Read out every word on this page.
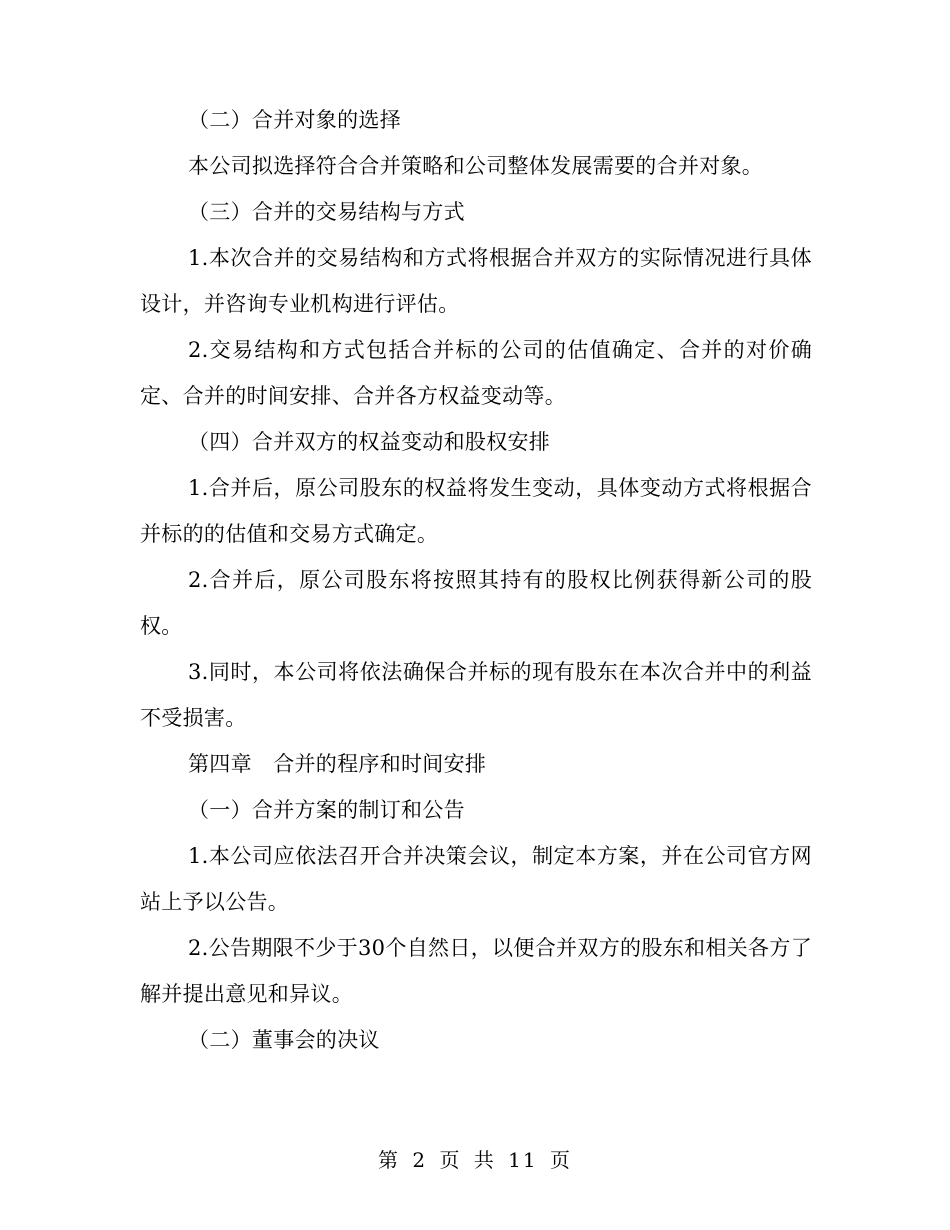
（二）合并对象的选择

本公司拟选择符合合并策略和公司整体发展需要的合并对象。

（三）合并的交易结构与方式

1.本次合并的交易结构和方式将根据合并双方的实际情况进行具体设计，并咨询专业机构进行评估。

2.交易结构和方式包括合并标的公司的估值确定、合并的对价确定、合并的时间安排、合并各方权益变动等。

（四）合并双方的权益变动和股权安排

1.合并后，原公司股东的权益将发生变动，具体变动方式将根据合并标的的估值和交易方式确定。

2.合并后，原公司股东将按照其持有的股权比例获得新公司的股权。

3.同时，本公司将依法确保合并标的现有股东在本次合并中的利益不受损害。

第四章　合并的程序和时间安排

（一）合并方案的制订和公告

1.本公司应依法召开合并决策会议，制定本方案，并在公司官方网站上予以公告。

2.公告期限不少于30个自然日，以便合并双方的股东和相关各方了解并提出意见和异议。

（二）董事会的决议

第 2 页 共 11 页
